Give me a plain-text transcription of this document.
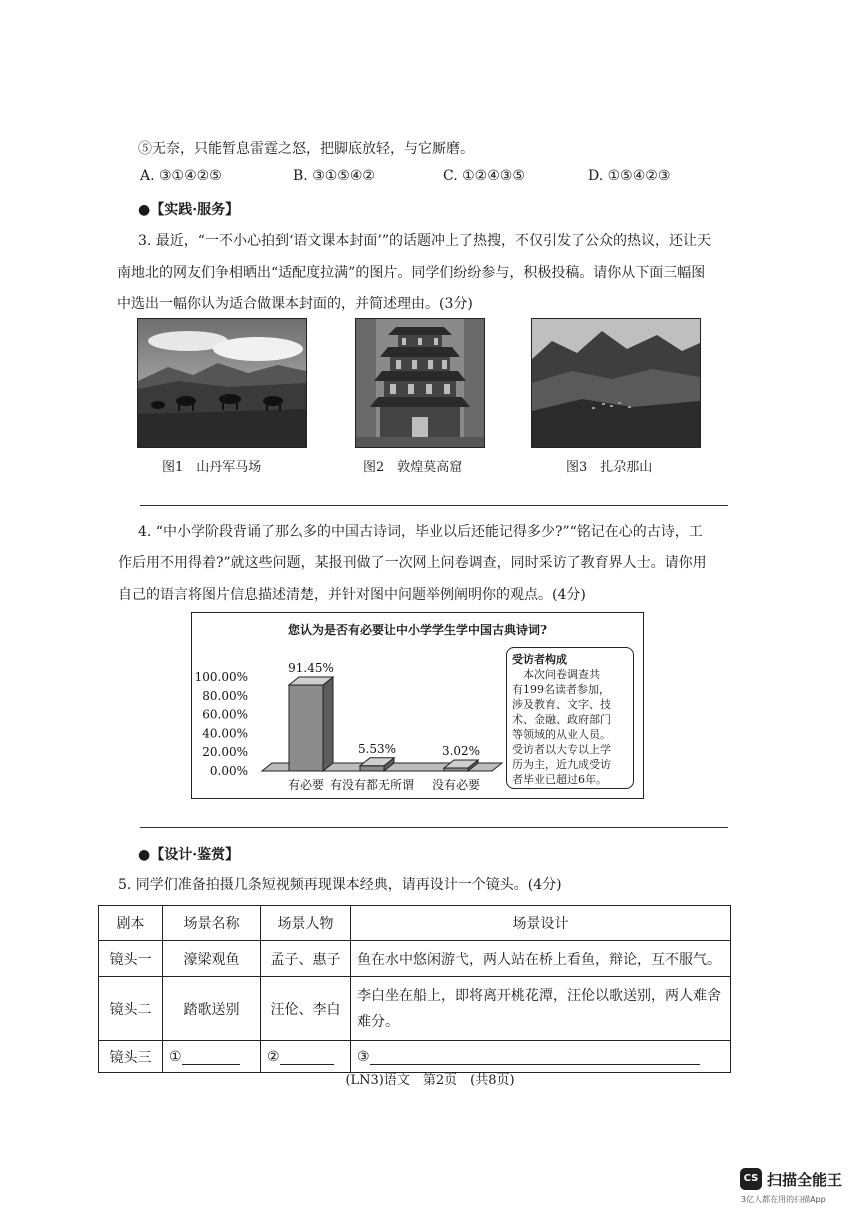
⑤无奈，只能暂息雷霆之怒，把脚底放轻，与它厮磨。
A. ③①④②⑤	B. ③①⑤④②	C. ①②④③⑤	D. ①⑤④②③
●【实践·服务】
3. 最近，“一不小心拍到‘语文课本封面’”的话题冲上了热搜，不仅引发了公众的热议，还让天
南地北的网友们争相晒出“适配度拉满”的图片。同学们纷纷参与，积极投稿。请你从下面三幅图
中选出一幅你认为适合做课本封面的，并简述理由。(3分)
图1　山丹军马场	图2　敦煌莫高窟	图3　扎尕那山
4. “中小学阶段背诵了那么多的中国古诗词，毕业以后还能记得多少?”“铭记在心的古诗，工
作后用不用得着?”就这些问题，某报刊做了一次网上问卷调查，同时采访了教育界人士。请你用
自己的语言将图片信息描述清楚，并针对图中问题举例阐明你的观点。(4分)
您认为是否有必要让中小学学生学中国古典诗词?
100.00%
80.00%
60.00%
40.00%
20.00%
0.00%
91.45%
有必要
5.53%
有没有都无所谓
3.02%
没有必要
受访者构成
本次问卷调查共
有199名读者参加，
涉及教育、文字、技
术、金融、政府部门
等领域的从业人员。
受访者以大专以上学
历为主，近九成受访
者毕业已超过6年。
●【设计·鉴赏】
5. 同学们准备拍摄几条短视频再现课本经典，请再设计一个镜头。(4分)
剧本	场景名称	场景人物	场景设计
镜头一	濠梁观鱼	孟子、惠子	鱼在水中悠闲游弋，两人站在桥上看鱼，辩论，互不服气。
镜头二	踏歌送别	汪伦、李白	李白坐在船上，即将离开桃花潭，汪伦以歌送别，两人难舍难分。
镜头三	①	②	③
(LN3)语文　第2页　(共8页)
CS 扫描全能王
3亿人都在用的扫描App
